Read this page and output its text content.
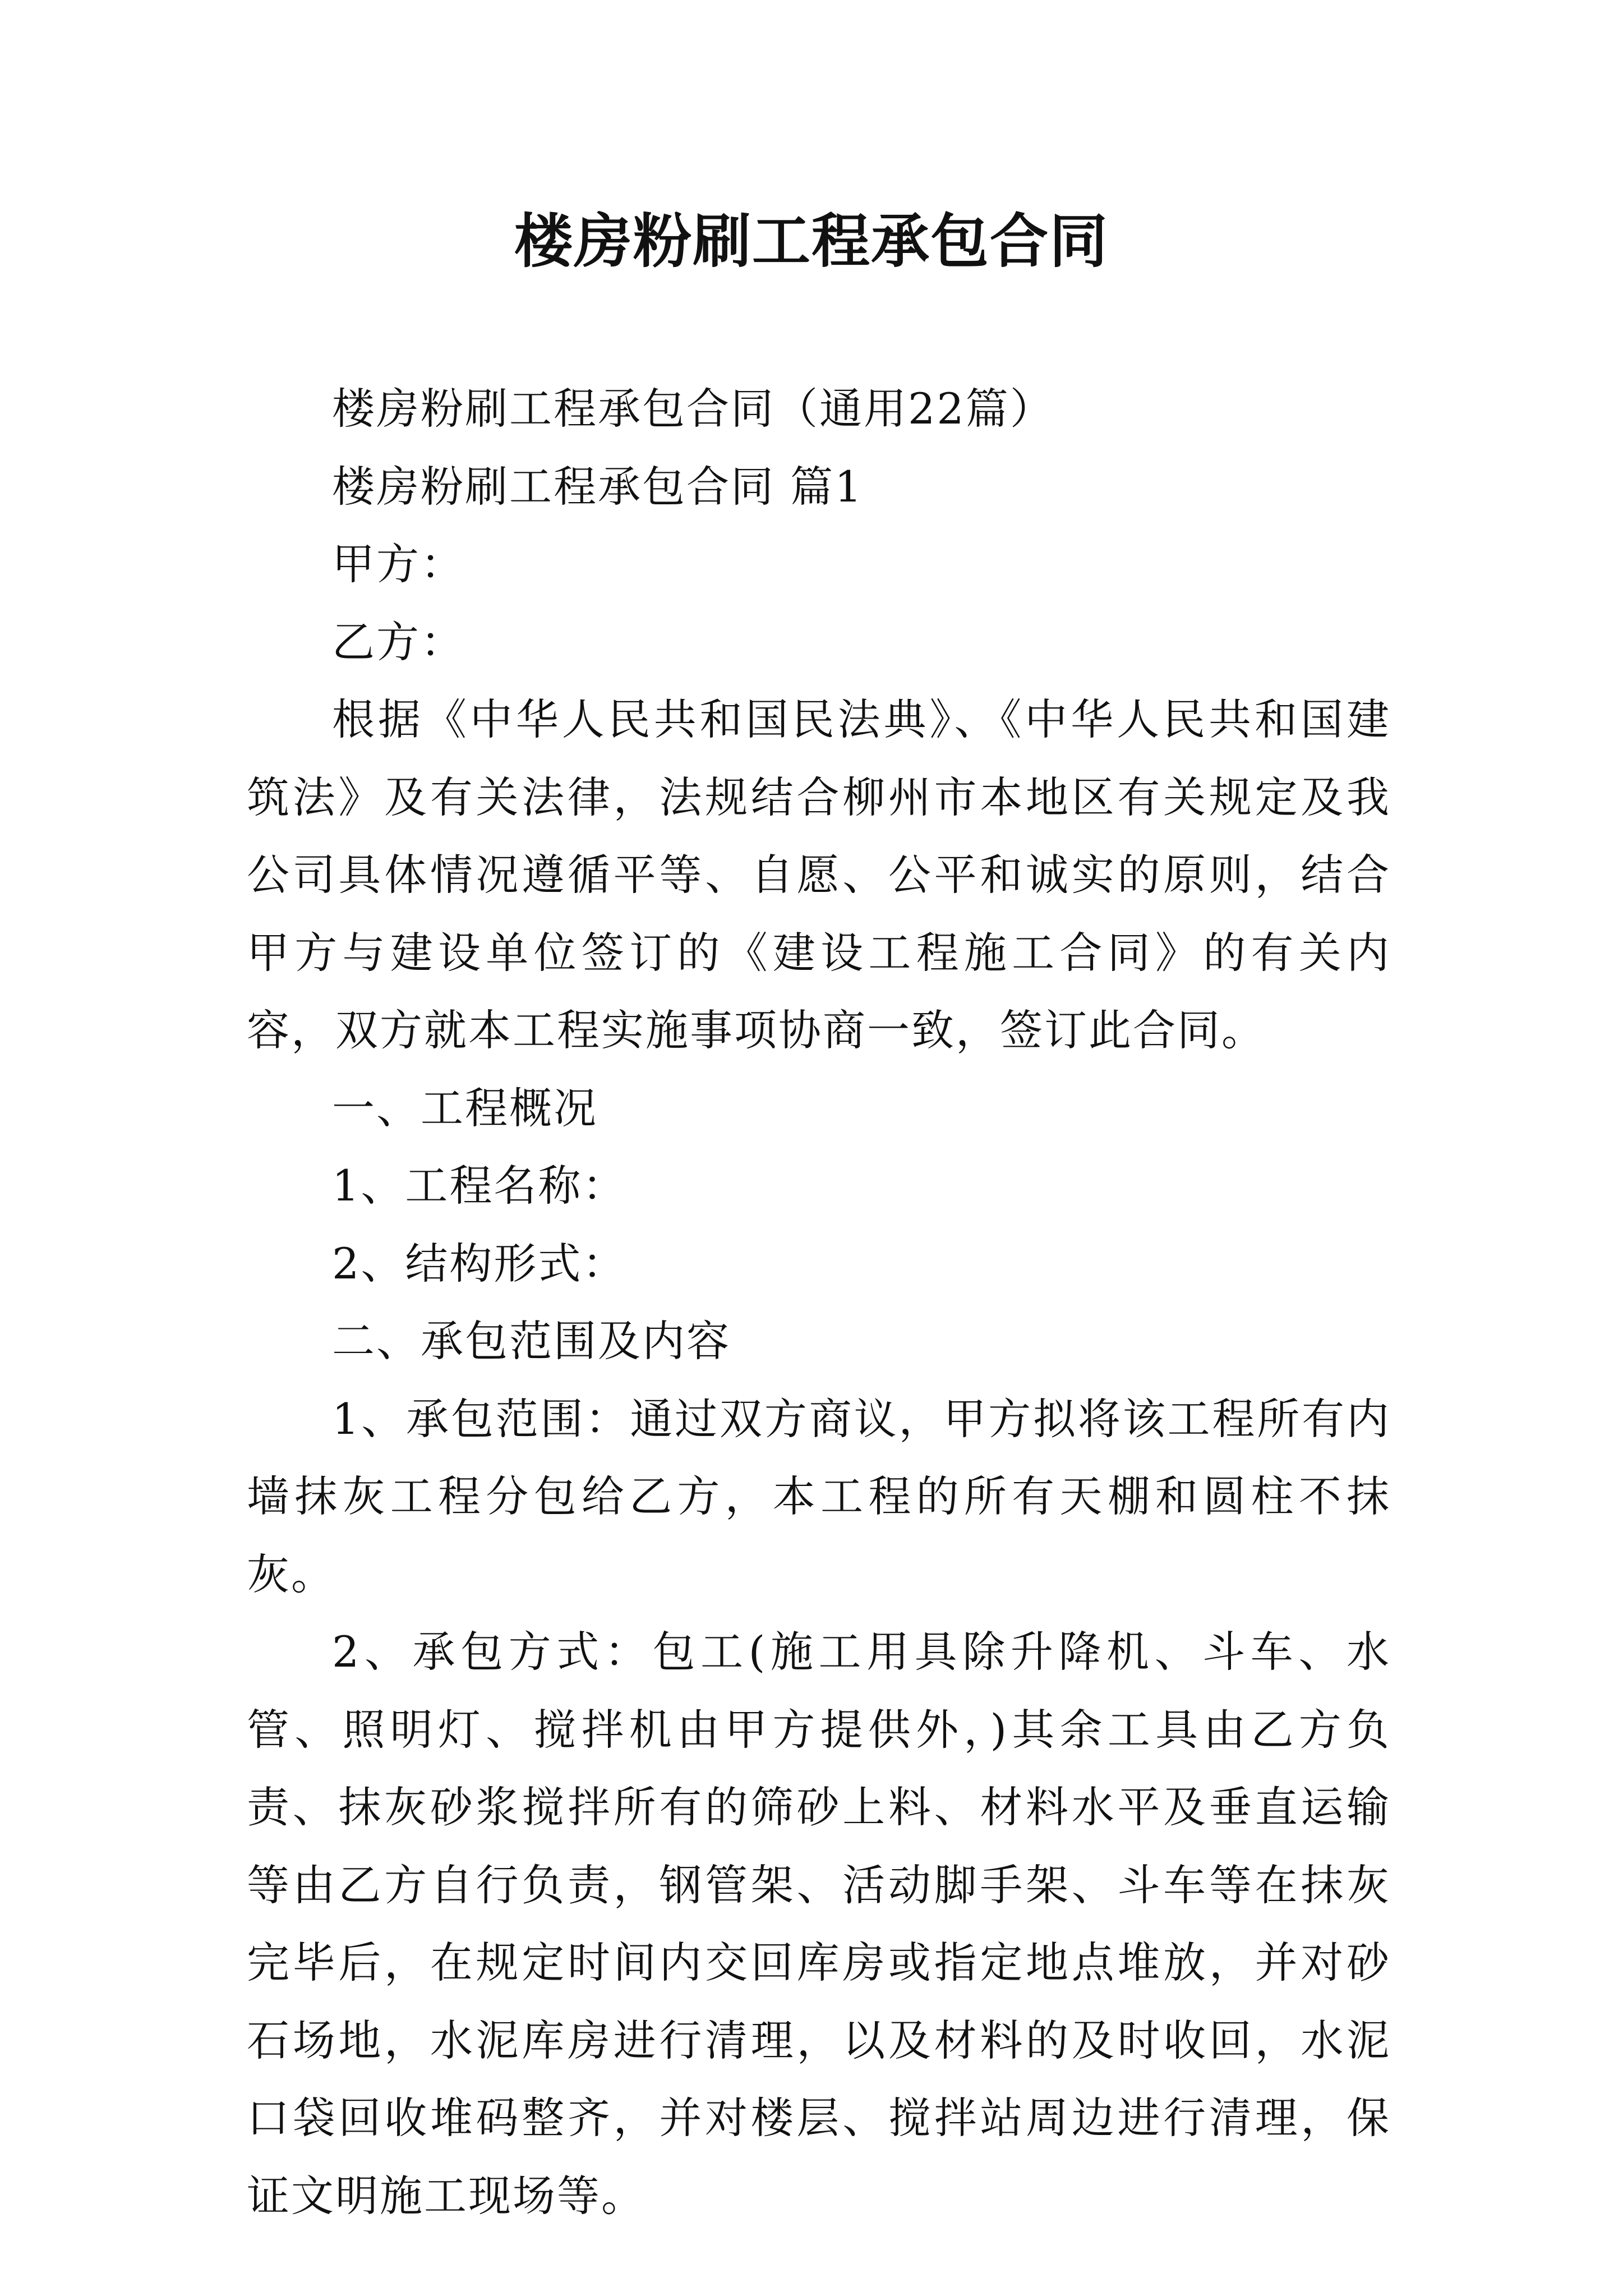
楼房粉刷工程承包合同

楼房粉刷工程承包合同（通用22篇）

楼房粉刷工程承包合同 篇1

甲方：

乙方：

根据《中华人民共和国民法典》、《中华人民共和国建筑法》及有关法律，法规结合柳州市本地区有关规定及我公司具体情况遵循平等、自愿、公平和诚实的原则，结合甲方与建设单位签订的《建设工程施工合同》的有关内容，双方就本工程实施事项协商一致，签订此合同。

一、工程概况

1、工程名称：

2、结构形式：

二、承包范围及内容

1、承包范围：通过双方商议，甲方拟将该工程所有内墙抹灰工程分包给乙方，本工程的所有天棚和圆柱不抹灰。

2、承包方式：包工(施工用具除升降机、斗车、水管、照明灯、搅拌机由甲方提供外，)其余工具由乙方负责、抹灰砂浆搅拌所有的筛砂上料、材料水平及垂直运输等由乙方自行负责，钢管架、活动脚手架、斗车等在抹灰完毕后，在规定时间内交回库房或指定地点堆放，并对砂石场地，水泥库房进行清理，以及材料的及时收回，水泥口袋回收堆码整齐，并对楼层、搅拌站周边进行清理，保证文明施工现场等。
